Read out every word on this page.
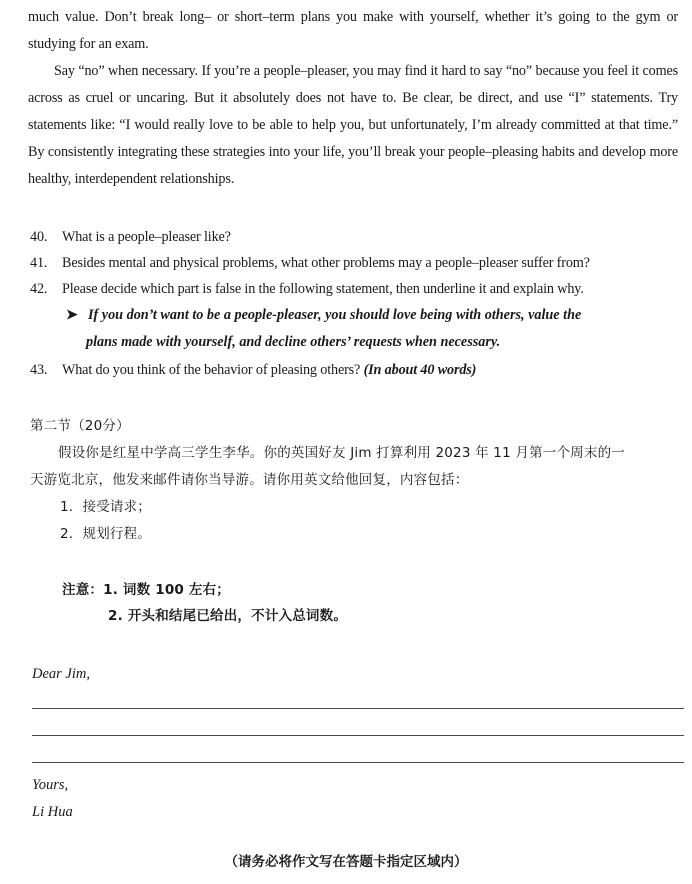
much value. Don’t break long– or short–term plans you make with yourself, whether it’s going to the gym or studying for an exam.
Say “no” when necessary. If you’re a people–pleaser, you may find it hard to say “no” because you feel it comes across as cruel or uncaring. But it absolutely does not have to. Be clear, be direct, and use “I” statements. Try statements like: “I would really love to be able to help you, but unfortunately, I’m already committed at that time.” By consistently integrating these strategies into your life, you’ll break your people–pleasing habits and develop more healthy, interdependent relationships.
40. What is a people–pleaser like?
41. Besides mental and physical problems, what other problems may a people–pleaser suffer from?
42. Please decide which part is false in the following statement, then underline it and explain why.
➤ If you don’t want to be a people-pleaser, you should love being with others, value the
plans made with yourself, and decline others’ requests when necessary.
43. What do you think of the behavior of pleasing others? (In about 40 words)
第二节（20分）
假设你是红星中学高三学生李华。你的英国好友 Jim 打算利用 2023 年 11 月第一个周末的一
天游览北京，他发来邮件请你当导游。请你用英文给他回复，内容包括：
1．接受请求；
2．规划行程。
注意：1. 词数 100 左右；
2. 开头和结尾已给出，不计入总词数。
Dear Jim,
Yours,
Li Hua
（请务必将作文写在答题卡指定区域内）
